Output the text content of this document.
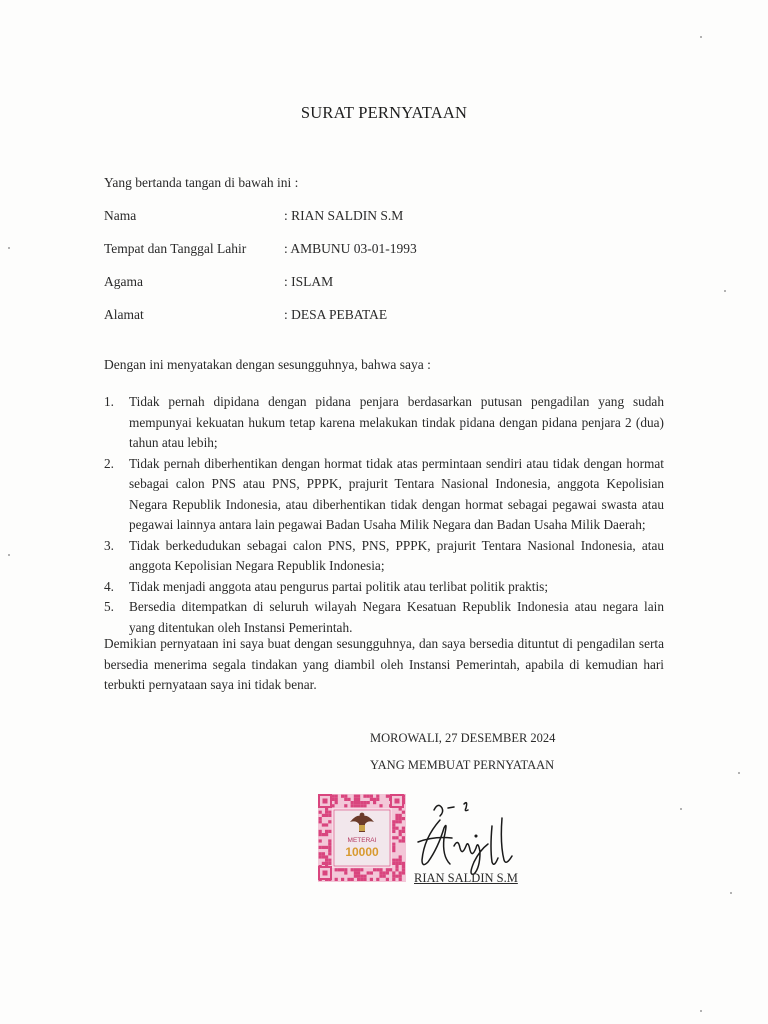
SURAT PERNYATAAN
Yang bertanda tangan di bawah ini :
Nama	: RIAN SALDIN S.M
Tempat dan Tanggal Lahir	: AMBUNU 03-01-1993
Agama	: ISLAM
Alamat	: DESA PEBATAE
Dengan ini menyatakan dengan sesungguhnya, bahwa saya :
1. Tidak pernah dipidana dengan pidana penjara berdasarkan putusan pengadilan yang sudah mempunyai kekuatan hukum tetap karena melakukan tindak pidana dengan pidana penjara 2 (dua) tahun atau lebih;
2. Tidak pernah diberhentikan dengan hormat tidak atas permintaan sendiri atau tidak dengan hormat sebagai calon PNS atau PNS, PPPK, prajurit Tentara Nasional Indonesia, anggota Kepolisian Negara Republik Indonesia, atau diberhentikan tidak dengan hormat sebagai pegawai swasta atau pegawai lainnya antara lain pegawai Badan Usaha Milik Negara dan Badan Usaha Milik Daerah;
3. Tidak berkedudukan sebagai calon PNS, PNS, PPPK, prajurit Tentara Nasional Indonesia, atau anggota Kepolisian Negara Republik Indonesia;
4. Tidak menjadi anggota atau pengurus partai politik atau terlibat politik praktis;
5. Bersedia ditempatkan di seluruh wilayah Negara Kesatuan Republik Indonesia atau negara lain yang ditentukan oleh Instansi Pemerintah.
Demikian pernyataan ini saya buat dengan sesungguhnya, dan saya bersedia dituntut di pengadilan serta bersedia menerima segala tindakan yang diambil oleh Instansi Pemerintah, apabila di kemudian hari terbukti pernyataan saya ini tidak benar.
MOROWALI, 27 DESEMBER 2024
YANG MEMBUAT PERNYATAAN
METERAI
10000
RIAN SALDIN S.M
